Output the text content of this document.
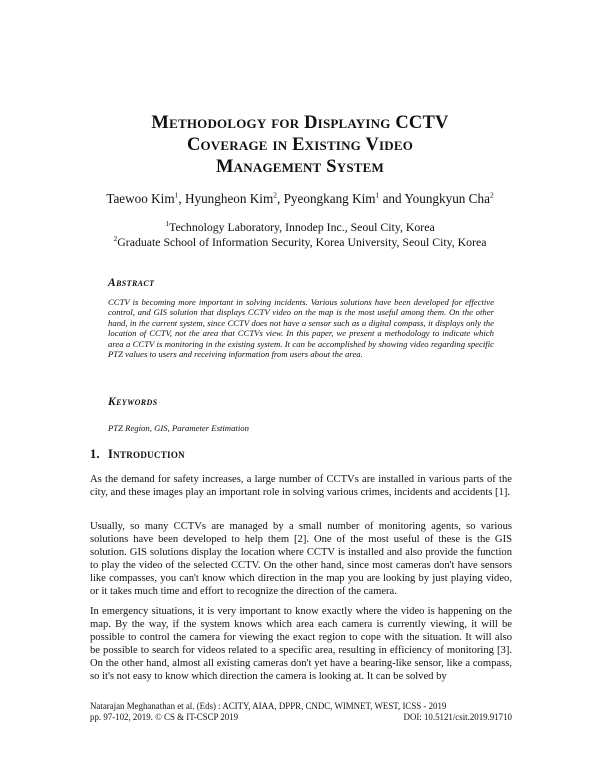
Methodology for Displaying CCTV
Coverage in Existing Video
Management System
Taewoo Kim$^1$, Hyungheon Kim$^2$, Pyeongkang Kim$^1$ and Youngkyun Cha$^2$
$^1$Technology Laboratory, Innodep Inc., Seoul City, Korea
$^2$Graduate School of Information Security, Korea University, Seoul City, Korea
Abstract
CCTV is becoming more important in solving incidents. Various solutions have been developed for effective control, and GIS solution that displays CCTV video on the map is the most useful among them. On the other hand, in the current system, since CCTV does not have a sensor such as a digital compass, it displays only the location of CCTV, not the area that CCTVs view. In this paper, we present a methodology to indicate which area a CCTV is monitoring in the existing system. It can be accomplished by showing video regarding specific PTZ values to users and receiving information from users about the area.
Keywords
PTZ Region, GIS, Parameter Estimation
1. Introduction
As the demand for safety increases, a large number of CCTVs are installed in various parts of the city, and these images play an important role in solving various crimes, incidents and accidents [1].
Usually, so many CCTVs are managed by a small number of monitoring agents, so various solutions have been developed to help them [2]. One of the most useful of these is the GIS solution. GIS solutions display the location where CCTV is installed and also provide the function to play the video of the selected CCTV. On the other hand, since most cameras don't have sensors like compasses, you can't know which direction in the map you are looking by just playing video, or it takes much time and effort to recognize the direction of the camera.
In emergency situations, it is very important to know exactly where the video is happening on the map. By the way, if the system knows which area each camera is currently viewing, it will be possible to control the camera for viewing the exact region to cope with the situation. It will also be possible to search for videos related to a specific area, resulting in efficiency of monitoring [3]. On the other hand, almost all existing cameras don't yet have a bearing-like sensor, like a compass, so it's not easy to know which direction the camera is looking at. It can be solved by
Natarajan Meghanathan et al. (Eds) : ACITY, AIAA, DPPR, CNDC, WIMNET, WEST, ICSS - 2019
pp. 97-102, 2019. © CS & IT-CSCP 2019	DOI: 10.5121/csit.2019.91710
